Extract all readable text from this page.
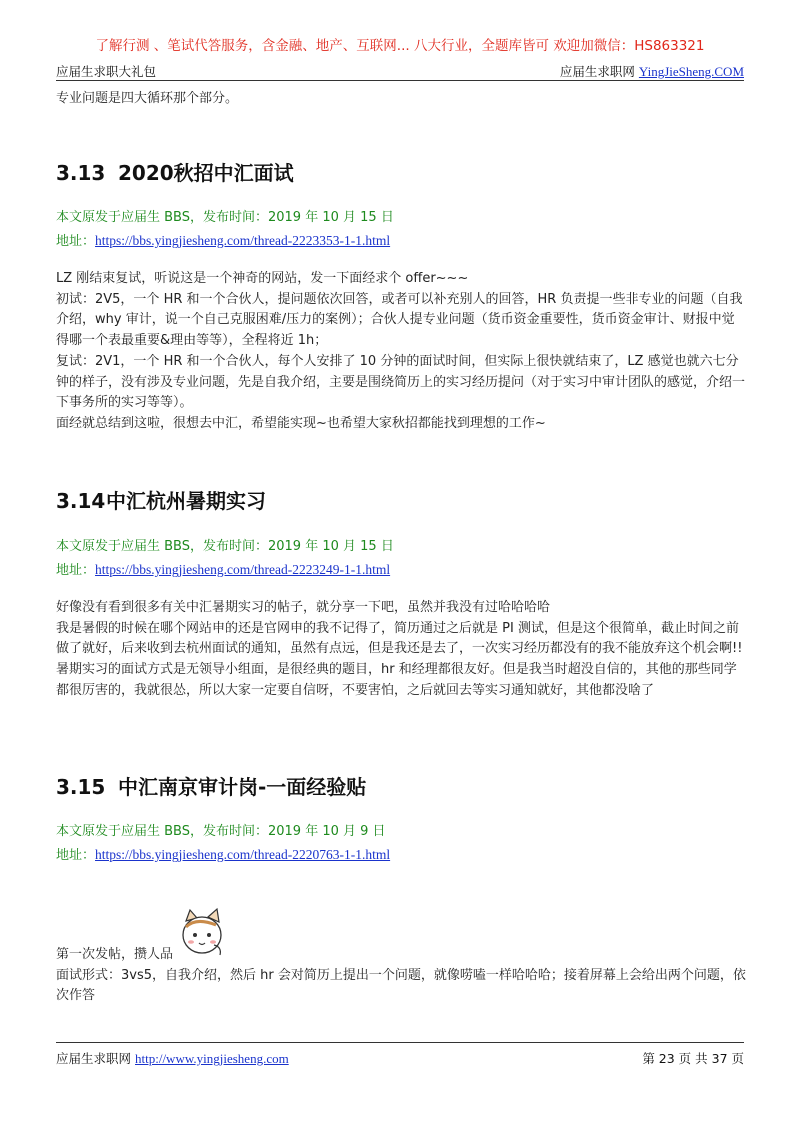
了解行测 、笔试代答服务，含金融、地产、互联网... 八大行业，全题库皆可 欢迎加微信：HS863321
应届生求职大礼包	应届生求职网 YingJieSheng.COM

专业问题是四大循环那个部分。

3.13 2020秋招中汇面试
本文原发于应届生 BBS，发布时间：2019 年 10 月 15 日
地址：https://bbs.yingjiesheng.com/thread-2223353-1-1.html
LZ 刚结束复试，听说这是一个神奇的网站，发一下面经求个 offer~~~
初试：2V5，一个 HR 和一个合伙人，提问题依次回答，或者可以补充别人的回答，HR 负责提一些非专业的问题（自我介绍，why 审计，说一个自己克服困难/压力的案例）；合伙人提专业问题（货币资金重要性，货币资金审计、财报中觉得哪一个表最重要&理由等等），全程将近 1h；
复试：2V1，一个 HR 和一个合伙人，每个人安排了 10 分钟的面试时间，但实际上很快就结束了，LZ 感觉也就六七分钟的样子，没有涉及专业问题，先是自我介绍，主要是围绕简历上的实习经历提问（对于实习中审计团队的感觉，介绍一下事务所的实习等等）。
面经就总结到这啦，很想去中汇，希望能实现~也希望大家秋招都能找到理想的工作~
3.14中汇杭州暑期实习
本文原发于应届生 BBS，发布时间：2019 年 10 月 15 日
地址：https://bbs.yingjiesheng.com/thread-2223249-1-1.html
好像没有看到很多有关中汇暑期实习的帖子，就分享一下吧，虽然并我没有过哈哈哈哈
我是暑假的时候在哪个网站申的还是官网申的我不记得了，简历通过之后就是 PI 测试，但是这个很简单，截止时间之前做了就好，后来收到去杭州面试的通知，虽然有点远，但是我还是去了，一次实习经历都没有的我不能放弃这个机会啊!! 暑期实习的面试方式是无领导小组面，是很经典的题目，hr 和经理都很友好。但是我当时超没自信的，其他的那些同学都很厉害的，我就很怂，所以大家一定要自信呀，不要害怕，之后就回去等实习通知就好，其他都没啥了
3.15 中汇南京审计岗-一面经验贴
本文原发于应届生 BBS，发布时间：2019 年 10 月 9 日
地址：https://bbs.yingjiesheng.com/thread-2220763-1-1.html
第一次发帖，攒人品
面试形式：3vs5，自我介绍，然后 hr 会对简历上提出一个问题，就像唠嗑一样哈哈哈；接着屏幕上会给出两个问题，依次作答
应届生求职网 http://www.yingjiesheng.com	第 23 页 共 37 页
